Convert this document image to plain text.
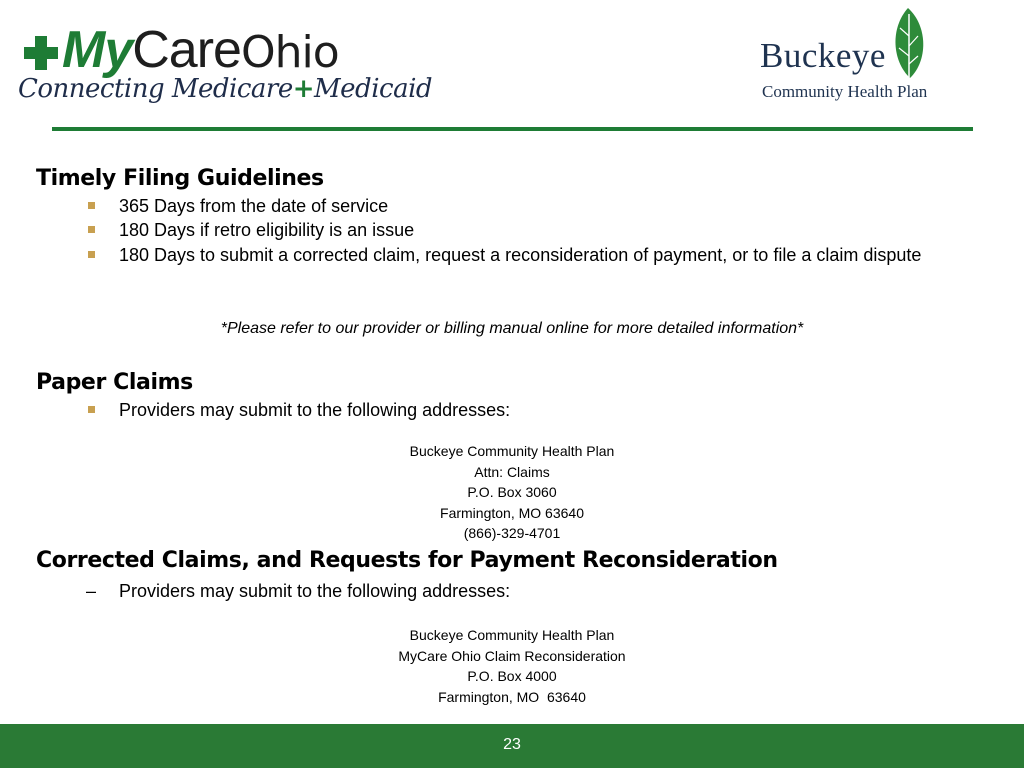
MyCareOhio
Connecting Medicare+Medicaid
Buckeye
Community Health Plan
Timely Filing Guidelines
365 Days from the date of service
180 Days if retro eligibility is an issue
180 Days to submit a corrected claim, request a reconsideration of payment, or to file a claim dispute
*Please refer to our provider or billing manual online for more detailed information*
Paper Claims
Providers may submit to the following addresses:
Buckeye Community Health Plan
Attn: Claims
P.O. Box 3060
Farmington, MO 63640
(866)-329-4701
Corrected Claims, and Requests for Payment Reconsideration
– Providers may submit to the following addresses:
Buckeye Community Health Plan
MyCare Ohio Claim Reconsideration
P.O. Box 4000
Farmington, MO  63640
23
